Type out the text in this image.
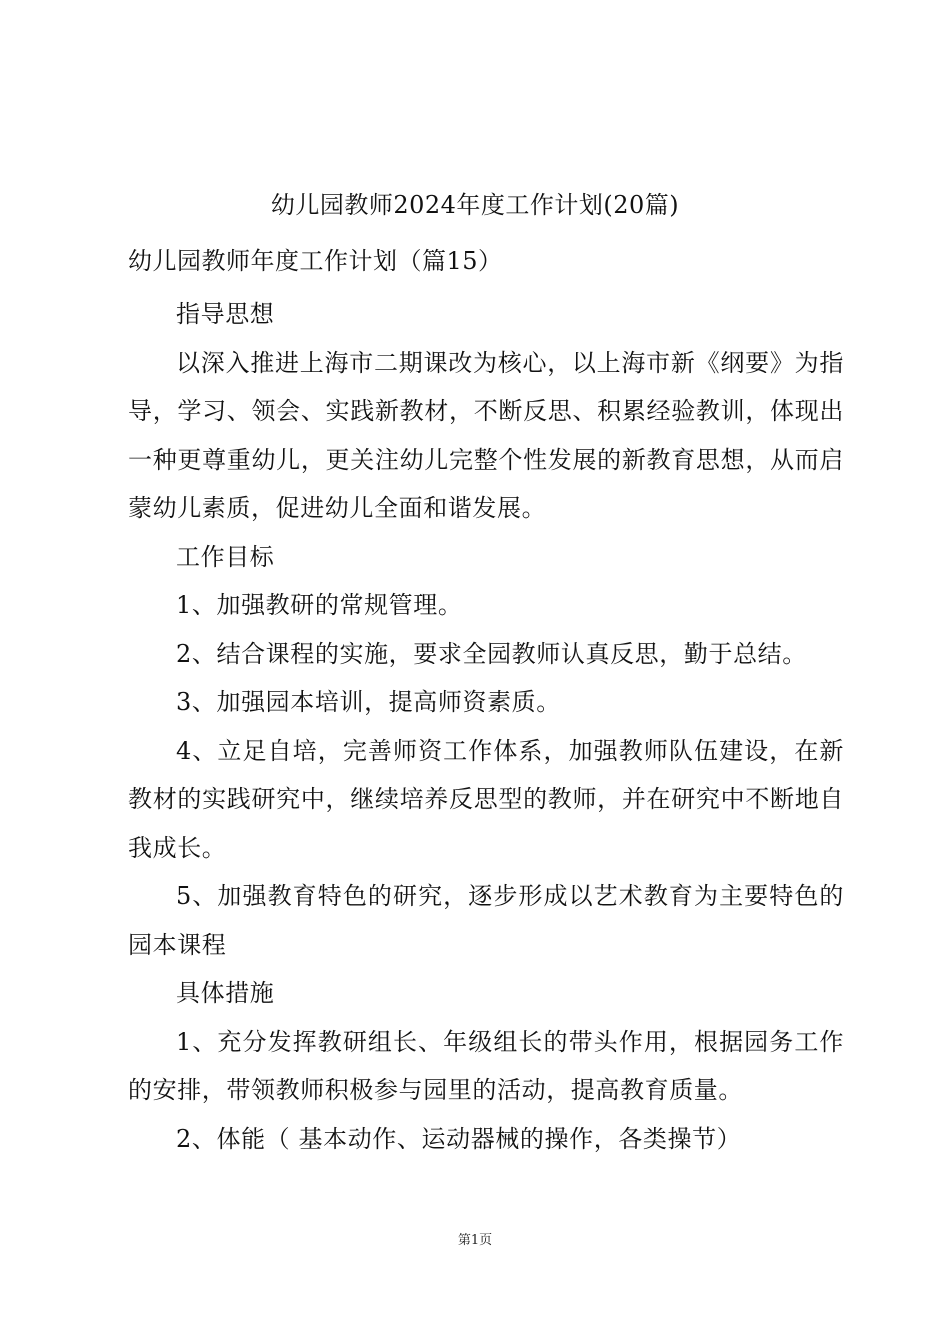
幼儿园教师2024年度工作计划(20篇)
幼儿园教师年度工作计划（篇15）

指导思想

以深入推进上海市二期课改为核心，以上海市新《纲要》为指导，学习、领会、实践新教材，不断反思、积累经验教训，体现出一种更尊重幼儿，更关注幼儿完整个性发展的新教育思想，从而启蒙幼儿素质，促进幼儿全面和谐发展。

工作目标

1、加强教研的常规管理。

2、结合课程的实施，要求全园教师认真反思，勤于总结。

3、加强园本培训，提高师资素质。

4、立足自培，完善师资工作体系，加强教师队伍建设，在新教材的实践研究中，继续培养反思型的教师，并在研究中不断地自我成长。

5、加强教育特色的研究，逐步形成以艺术教育为主要特色的园本课程

具体措施

1、充分发挥教研组长、年级组长的带头作用，根据园务工作的安排，带领教师积极参与园里的活动，提高教育质量。

2、体能（ 基本动作、运动器械的操作，各类操节）

第1页
